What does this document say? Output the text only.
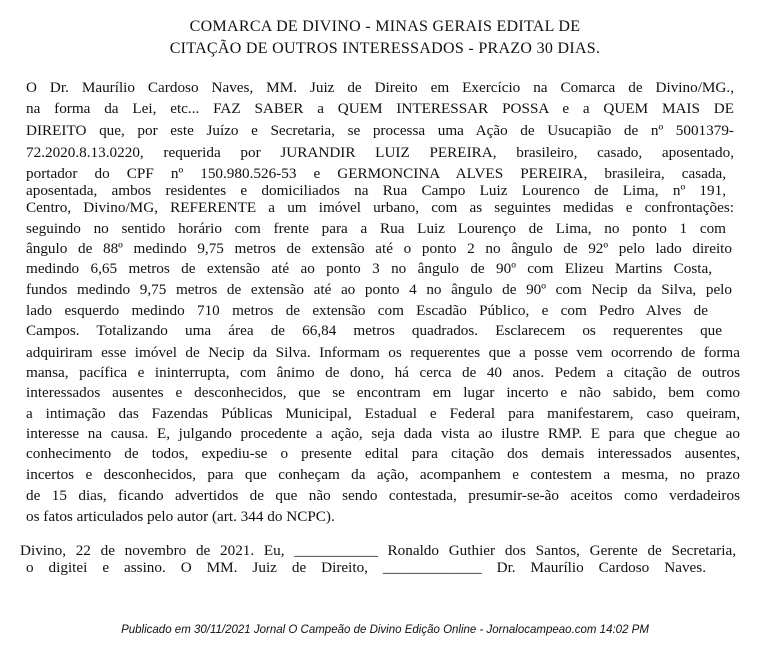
COMARCA DE DIVINO - MINAS GERAIS EDITAL DE
CITAÇÃO DE OUTROS INTERESSADOS - PRAZO 30 DIAS.
O Dr. Maurílio Cardoso Naves, MM. Juiz de Direito em Exercício na Comarca de Divino/MG.,
na forma da Lei, etc... FAZ SABER a QUEM INTERESSAR POSSA e a QUEM MAIS DE
DIREITO que, por este Juízo e Secretaria, se processa uma Ação de Usucapião de nº 5001379-
72.2020.8.13.0220, requerida por JURANDIR LUIZ PEREIRA, brasileiro, casado, aposentado,
portador do CPF nº 150.980.526-53 e GERMONCINA ALVES PEREIRA, brasileira, casada,
aposentada, ambos residentes e domiciliados na Rua Campo Luiz Lourenco de Lima, nº 191,
Centro, Divino/MG, REFERENTE a um imóvel urbano, com as seguintes medidas e confrontações:
seguindo no sentido horário com frente para a Rua Luiz Lourenço de Lima, no ponto 1 com
ângulo de 88º medindo 9,75 metros de extensão até o ponto 2 no ângulo de 92º pelo lado direito
medindo 6,65 metros de extensão até ao ponto 3 no ângulo de 90º com Elizeu Martins Costa,
fundos medindo 9,75 metros de extensão até ao ponto 4 no ângulo de 90º com Necip da Silva, pelo
lado esquerdo medindo 710 metros de extensão com Escadão Público, e com Pedro Alves de
Campos. Totalizando uma área de 66,84 metros quadrados. Esclarecem os requerentes que
adquiriram esse imóvel de Necip da Silva. Informam os requerentes que a posse vem ocorrendo de forma
mansa, pacífica e ininterrupta, com ânimo de dono, há cerca de 40 anos. Pedem a citação de outros
interessados ausentes e desconhecidos, que se encontram em lugar incerto e não sabido, bem como
a intimação das Fazendas Públicas Municipal, Estadual e Federal para manifestarem, caso queiram,
interesse na causa. E, julgando procedente a ação, seja dada vista ao ilustre RMP. E para que chegue ao
conhecimento de todos, expediu-se o presente edital para citação dos demais interessados ausentes,
incertos e desconhecidos, para que conheçam da ação, acompanhem e contestem a mesma, no prazo
de 15 dias, ficando advertidos de que não sendo contestada, presumir-se-ão aceitos como verdadeiros
os fatos articulados pelo autor (art. 344 do NCPC).
Divino, 22 de novembro de 2021. Eu, ___________ Ronaldo Guthier dos Santos, Gerente de Secretaria,
o digitei e assino. O MM. Juiz de Direito, _____________ Dr. Maurílio Cardoso Naves.
Publicado em 30/11/2021 Jornal O Campeão de Divino Edição Online - Jornalocampeao.com 14:02 PM
